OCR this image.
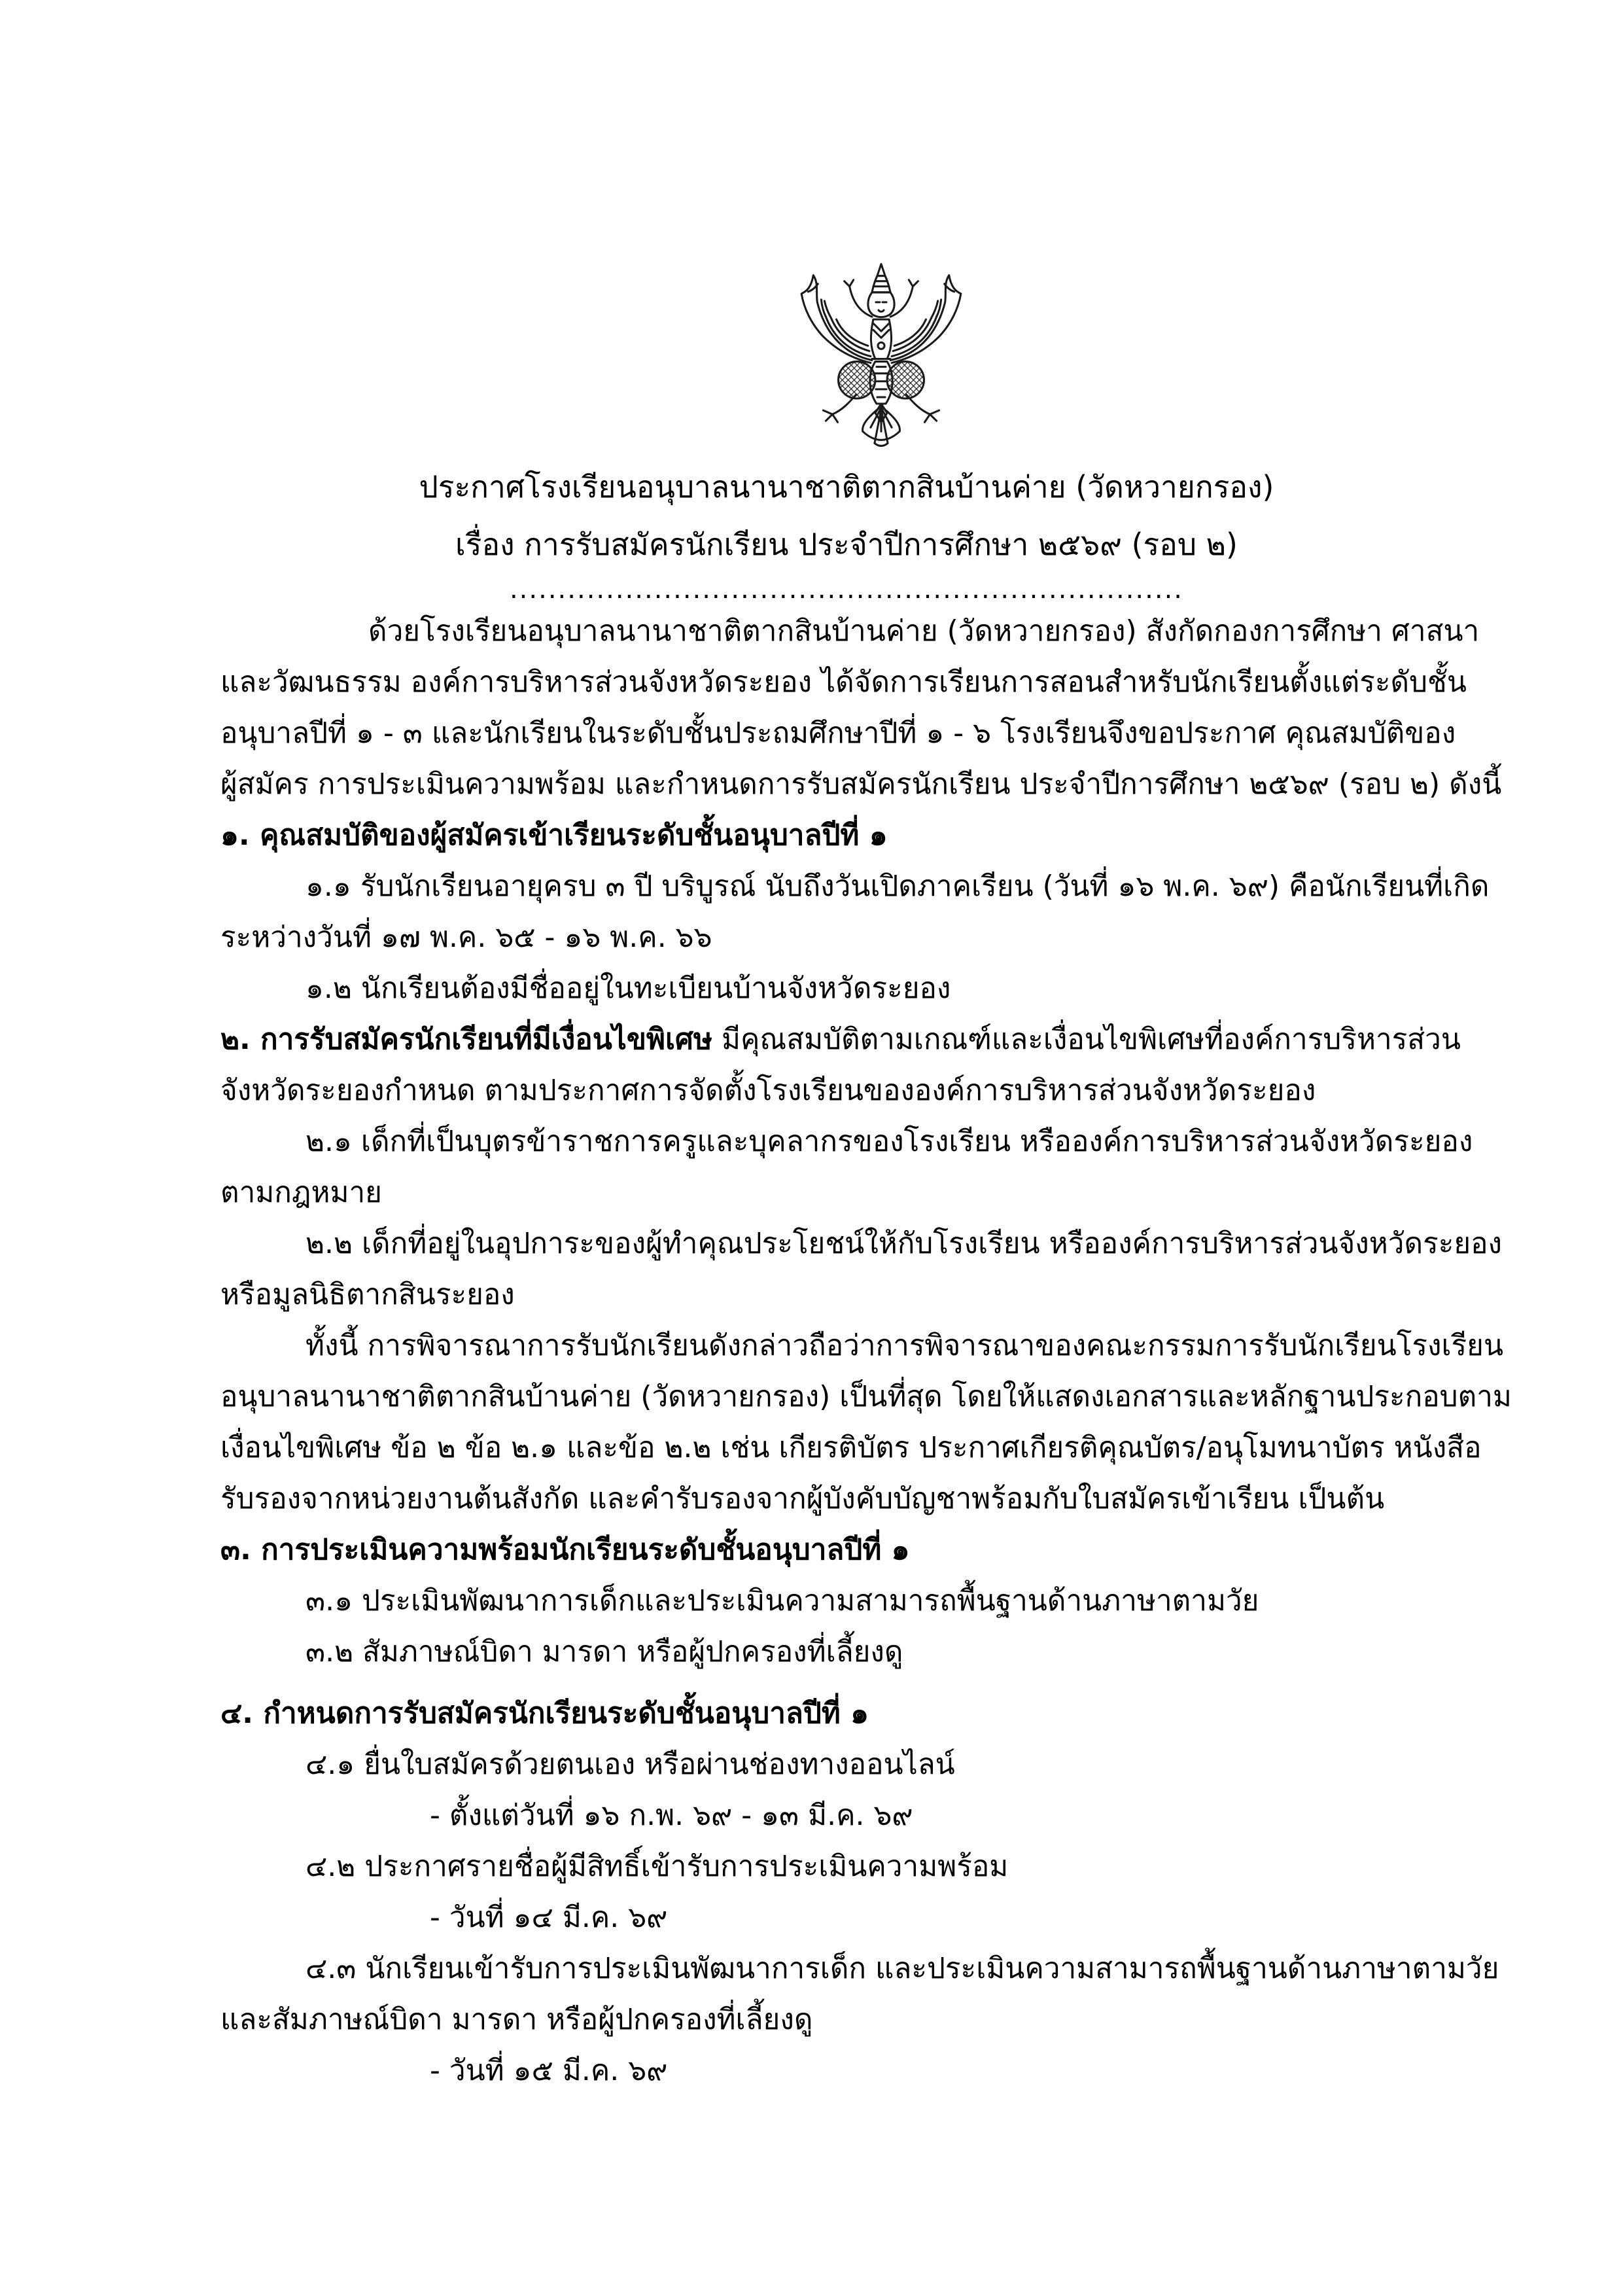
ประกาศโรงเรียนอนุบาลนานาชาติตากสินบ้านค่าย (วัดหวายกรอง)
เรื่อง การรับสมัครนักเรียน ประจำปีการศึกษา ๒๕๖๙ (รอบ ๒)
......................................................................
ด้วยโรงเรียนอนุบาลนานาชาติตากสินบ้านค่าย (วัดหวายกรอง) สังกัดกองการศึกษา ศาสนา
และวัฒนธรรม องค์การบริหารส่วนจังหวัดระยอง ได้จัดการเรียนการสอนสำหรับนักเรียนตั้งแต่ระดับชั้น
อนุบาลปีที่ ๑ - ๓ และนักเรียนในระดับชั้นประถมศึกษาปีที่ ๑ - ๖ โรงเรียนจึงขอประกาศ คุณสมบัติของ
ผู้สมัคร การประเมินความพร้อม และกำหนดการรับสมัครนักเรียน ประจำปีการศึกษา ๒๕๖๙ (รอบ ๒) ดังนี้
๑. คุณสมบัติของผู้สมัครเข้าเรียนระดับชั้นอนุบาลปีที่ ๑
๑.๑ รับนักเรียนอายุครบ ๓ ปี บริบูรณ์ นับถึงวันเปิดภาคเรียน (วันที่ ๑๖ พ.ค. ๖๙) คือนักเรียนที่เกิด
ระหว่างวันที่ ๑๗ พ.ค. ๖๕ - ๑๖ พ.ค. ๖๖
๑.๒ นักเรียนต้องมีชื่ออยู่ในทะเบียนบ้านจังหวัดระยอง
๒. การรับสมัครนักเรียนที่มีเงื่อนไขพิเศษ มีคุณสมบัติตามเกณฑ์และเงื่อนไขพิเศษที่องค์การบริหารส่วน
จังหวัดระยองกำหนด ตามประกาศการจัดตั้งโรงเรียนขององค์การบริหารส่วนจังหวัดระยอง
๒.๑ เด็กที่เป็นบุตรข้าราชการครูและบุคลากรของโรงเรียน หรือองค์การบริหารส่วนจังหวัดระยอง
ตามกฎหมาย
๒.๒ เด็กที่อยู่ในอุปการะของผู้ทำคุณประโยชน์ให้กับโรงเรียน หรือองค์การบริหารส่วนจังหวัดระยอง
หรือมูลนิธิตากสินระยอง
ทั้งนี้ การพิจารณาการรับนักเรียนดังกล่าวถือว่าการพิจารณาของคณะกรรมการรับนักเรียนโรงเรียน
อนุบาลนานาชาติตากสินบ้านค่าย (วัดหวายกรอง) เป็นที่สุด โดยให้แสดงเอกสารและหลักฐานประกอบตาม
เงื่อนไขพิเศษ ข้อ ๒ ข้อ ๒.๑ และข้อ ๒.๒ เช่น เกียรติบัตร ประกาศเกียรติคุณบัตร/อนุโมทนาบัตร หนังสือ
รับรองจากหน่วยงานต้นสังกัด และคำรับรองจากผู้บังคับบัญชาพร้อมกับใบสมัครเข้าเรียน เป็นต้น
๓. การประเมินความพร้อมนักเรียนระดับชั้นอนุบาลปีที่ ๑
๓.๑ ประเมินพัฒนาการเด็กและประเมินความสามารถพื้นฐานด้านภาษาตามวัย
๓.๒ สัมภาษณ์บิดา มารดา หรือผู้ปกครองที่เลี้ยงดู
๔. กำหนดการรับสมัครนักเรียนระดับชั้นอนุบาลปีที่ ๑
๔.๑ ยื่นใบสมัครด้วยตนเอง หรือผ่านช่องทางออนไลน์
- ตั้งแต่วันที่ ๑๖ ก.พ. ๖๙ - ๑๓ มี.ค. ๖๙
๔.๒ ประกาศรายชื่อผู้มีสิทธิ์เข้ารับการประเมินความพร้อม
- วันที่ ๑๔ มี.ค. ๖๙
๔.๓ นักเรียนเข้ารับการประเมินพัฒนาการเด็ก และประเมินความสามารถพื้นฐานด้านภาษาตามวัย
และสัมภาษณ์บิดา มารดา หรือผู้ปกครองที่เลี้ยงดู
- วันที่ ๑๕ มี.ค. ๖๙
